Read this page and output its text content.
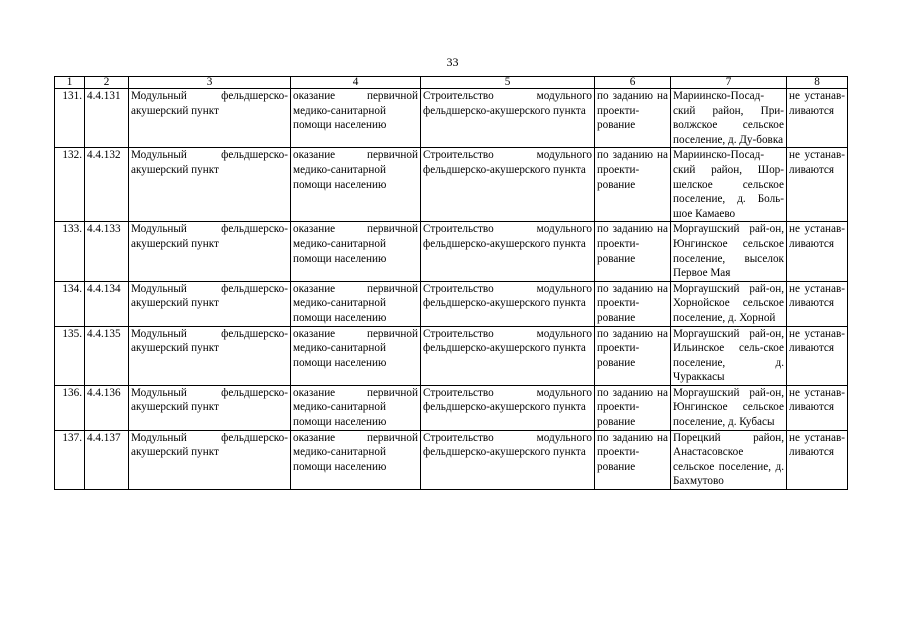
33
1	2	3	4	5	6	7	8
131.	4.4.131	Модульный фельдшерско-акушерский пункт	оказание первичной медико-санитарной помощи населению	Строительство модульного фельдшерско-акушерского пункта	по заданию на проекти-рование	Мариинско-Посад-ский район, При-волжское сельское поселение, д. Ду-бовка	не устанав-ливаются
132.	4.4.132	Модульный фельдшерско-акушерский пункт	оказание первичной медико-санитарной помощи населению	Строительство модульного фельдшерско-акушерского пункта	по заданию на проекти-рование	Мариинско-Посад-ский район, Шор-шелское сельское поселение, д. Боль-шое Камаево	не устанав-ливаются
133.	4.4.133	Модульный фельдшерско-акушерский пункт	оказание первичной медико-санитарной помощи населению	Строительство модульного фельдшерско-акушерского пункта	по заданию на проекти-рование	Моргаушский рай-он, Юнгинское сельское поселение, выселок Первое Мая	не устанав-ливаются
134.	4.4.134	Модульный фельдшерско-акушерский пункт	оказание первичной медико-санитарной помощи населению	Строительство модульного фельдшерско-акушерского пункта	по заданию на проекти-рование	Моргаушский рай-он, Хорнойское сельское поселение, д. Хорной	не устанав-ливаются
135.	4.4.135	Модульный фельдшерско-акушерский пункт	оказание первичной медико-санитарной помощи населению	Строительство модульного фельдшерско-акушерского пункта	по заданию на проекти-рование	Моргаушский рай-он, Ильинское сель-ское поселение, д. Чураккасы	не устанав-ливаются
136.	4.4.136	Модульный фельдшерско-акушерский пункт	оказание первичной медико-санитарной помощи населению	Строительство модульного фельдшерско-акушерского пункта	по заданию на проекти-рование	Моргаушский рай-он, Юнгинское сельское поселение, д. Кубасы	не устанав-ливаются
137.	4.4.137	Модульный фельдшерско-акушерский пункт	оказание первичной медико-санитарной помощи населению	Строительство модульного фельдшерско-акушерского пункта	по заданию на проекти-рование	Порецкий район, Анастасовское сельское поселение, д. Бахмутово	не устанав-ливаются
